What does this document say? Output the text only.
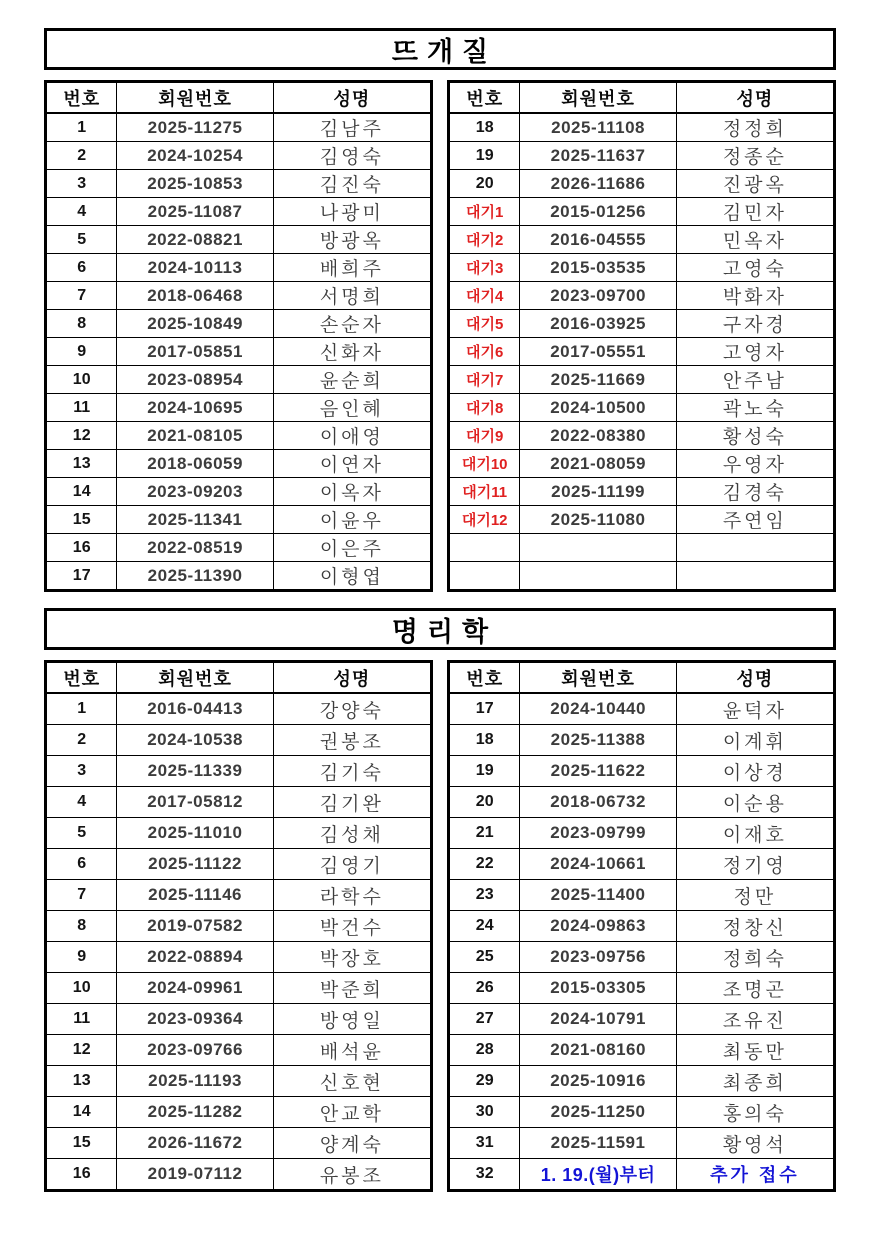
뜨개질
번호	회원번호	성명
1	2025-11275	김남주
2	2024-10254	김영숙
3	2025-10853	김진숙
4	2025-11087	나광미
5	2022-08821	방광옥
6	2024-10113	배희주
7	2018-06468	서명희
8	2025-10849	손순자
9	2017-05851	신화자
10	2023-08954	윤순희
11	2024-10695	음인혜
12	2021-08105	이애영
13	2018-06059	이연자
14	2023-09203	이옥자
15	2025-11341	이윤우
16	2022-08519	이은주
17	2025-11390	이형엽
번호	회원번호	성명
18	2025-11108	정정희
19	2025-11637	정종순
20	2026-11686	진광옥
대기1	2015-01256	김민자
대기2	2016-04555	민옥자
대기3	2015-03535	고영숙
대기4	2023-09700	박화자
대기5	2016-03925	구자경
대기6	2017-05551	고영자
대기7	2025-11669	안주남
대기8	2024-10500	곽노숙
대기9	2022-08380	황성숙
대기10	2021-08059	우영자
대기11	2025-11199	김경숙
대기12	2025-11080	주연임

명리학
번호	회원번호	성명
1	2016-04413	강양숙
2	2024-10538	권봉조
3	2025-11339	김기숙
4	2017-05812	김기완
5	2025-11010	김성채
6	2025-11122	김영기
7	2025-11146	라학수
8	2019-07582	박건수
9	2022-08894	박장호
10	2024-09961	박준희
11	2023-09364	방영일
12	2023-09766	배석윤
13	2025-11193	신호현
14	2025-11282	안교학
15	2026-11672	양계숙
16	2019-07112	유봉조
번호	회원번호	성명
17	2024-10440	윤덕자
18	2025-11388	이계휘
19	2025-11622	이상경
20	2018-06732	이순용
21	2023-09799	이재호
22	2024-10661	정기영
23	2025-11400	정만
24	2024-09863	정창신
25	2023-09756	정희숙
26	2015-03305	조명곤
27	2024-10791	조유진
28	2021-08160	최동만
29	2025-10916	최종희
30	2025-11250	홍의숙
31	2025-11591	황영석
32	1. 19.(월)부터	추가 접수
